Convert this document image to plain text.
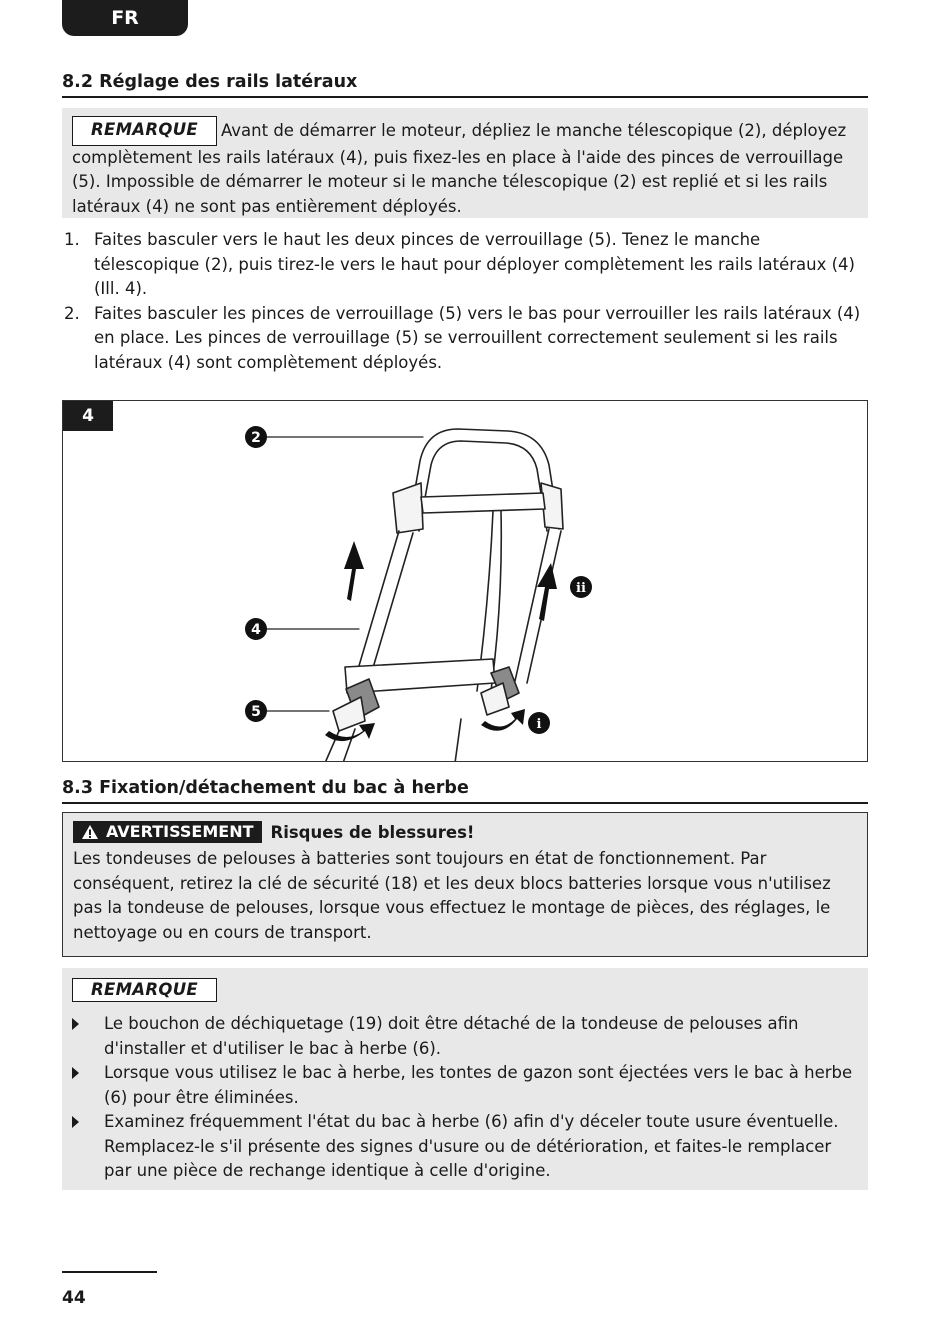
FR
8.2 Réglage des rails latéraux

REMARQUE Avant de démarrer le moteur, dépliez le manche télescopique (2), déployez complètement les rails latéraux (4), puis fixez-les en place à l'aide des pinces de verrouillage (5). Impossible de démarrer le moteur si le manche télescopique (2) est replié et si les rails latéraux (4) ne sont pas entièrement déployés.

1. Faites basculer vers le haut les deux pinces de verrouillage (5). Tenez le manche télescopique (2), puis tirez-le vers le haut pour déployer complètement les rails latéraux (4) (Ill. 4).
2. Faites basculer les pinces de verrouillage (5) vers le bas pour verrouiller les rails latéraux (4) en place. Les pinces de verrouillage (5) se verrouillent correctement seulement si les rails latéraux (4) sont complètement déployés.
4
2
4
5
ii
i
8.3 Fixation/détachement du bac à herbe
AVERTISSEMENT Risques de blessures!

Les tondeuses de pelouses à batteries sont toujours en état de fonctionnement. Par conséquent, retirez la clé de sécurité (18) et les deux blocs batteries lorsque vous n'utilisez pas la tondeuse de pelouses, lorsque vous effectuez le montage de pièces, des réglages, le nettoyage ou en cours de transport.

REMARQUE
Le bouchon de déchiquetage (19) doit être détaché de la tondeuse de pelouses afin d'installer et d'utiliser le bac à herbe (6).
Lorsque vous utilisez le bac à herbe, les tontes de gazon sont éjectées vers le bac à herbe (6) pour être éliminées.
Examinez fréquemment l'état du bac à herbe (6) afin d'y déceler toute usure éventuelle. Remplacez-le s'il présente des signes d'usure ou de détérioration, et faites-le remplacer par une pièce de rechange identique à celle d'origine.
44
